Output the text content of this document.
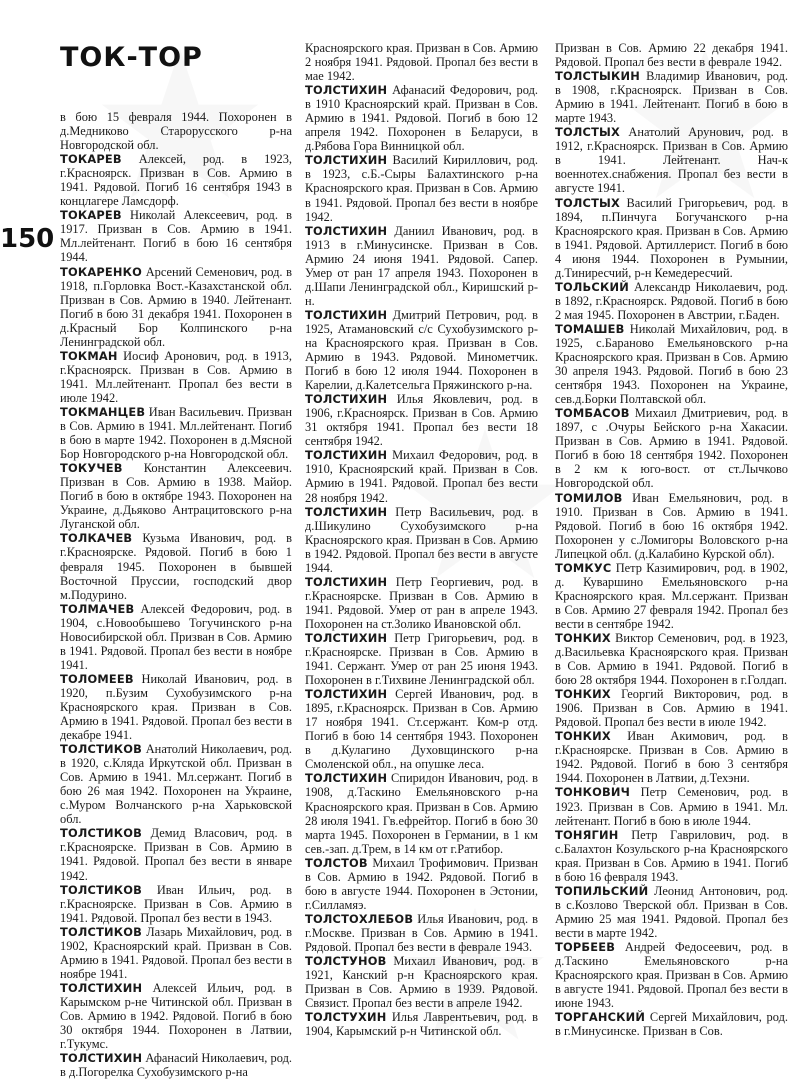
ТОК-ТОР
150

в бою 15 февраля 1944. Похоронен в д.Медниково Старорусского р-на Новгородской обл.

ТОКАРЕВ Алексей, род. в 1923, г.Красноярск. Призван в Сов. Армию в 1941. Рядовой. Погиб 16 сентября 1943 в концлагере Ламсдорф.

ТОКАРЕВ Николай Алексеевич, род. в 1917. Призван в Сов. Армию в 1941. Мл.лейтенант. Погиб в бою 16 сентября 1944.

ТОКАРЕНКО Арсений Семенович, род. в 1918, п.Горловка Вост.-Казахстанской обл. Призван в Сов. Армию в 1940. Лейтенант. Погиб в бою 31 декабря 1941. Похоронен в д.Красный Бор Колпинского р-на Ленинградской обл.

ТОКМАН Иосиф Аронович, род. в 1913, г.Красноярск. Призван в Сов. Армию в 1941. Мл.лейтенант. Пропал без вести в июле 1942.

ТОКМАНЦЕВ Иван Васильевич. Призван в Сов. Армию в 1941. Мл.лейтенант. Погиб в бою в марте 1942. Похоронен в д.Мясной Бор Новгородского р-на Новгородской обл.

ТОКУЧЕВ Константин Алексеевич. Призван в Сов. Армию в 1938. Майор. Погиб в бою в октябре 1943. Похоронен на Украине, д.Дьяково Антрацитовского р-на Луганской обл.

ТОЛКАЧЕВ Кузьма Иванович, род. в г.Красноярске. Рядовой. Погиб в бою 1 февраля 1945. Похоронен в бывшей Восточной Пруссии, господский двор м.Подурино.

ТОЛМАЧЕВ Алексей Федорович, род. в 1904, с.Новообышево Тогучинского р-на Новосибирской обл. Призван в Сов. Армию в 1941. Рядовой. Пропал без вести в ноябре 1941.

ТОЛОМЕЕВ Николай Иванович, род. в 1920, п.Бузим Сухобузимского р-на Красноярского края. Призван в Сов. Армию в 1941. Рядовой. Пропал без вести в декабре 1941.

ТОЛСТИКОВ Анатолий Николаевич, род. в 1920, с.Кляда Иркутской обл. Призван в Сов. Армию в 1941. Мл.сержант. Погиб в бою 26 мая 1942. Похоронен на Украине, с.Муром Волчанского р-на Харьковской обл.

ТОЛСТИКОВ Демид Власович, род. в г.Красноярске. Призван в Сов. Армию в 1941. Рядовой. Пропал без вести в январе 1942.

ТОЛСТИКОВ Иван Ильич, род. в г.Красноярске. Призван в Сов. Армию в 1941. Рядовой. Пропал без вести в 1943.

ТОЛСТИКОВ Лазарь Михайлович, род. в 1902, Красноярский край. Призван в Сов. Армию в 1941. Рядовой. Пропал без вести в ноябре 1941.

ТОЛСТИХИН Алексей Ильич, род. в Карымском р-не Читинской обл. Призван в Сов. Армию в 1942. Рядовой. Погиб в бою 30 октября 1944. Похоронен в Латвии, г.Тукумс.

ТОЛСТИХИН Афанасий Николаевич, род. в д.Погорелка Сухобузимского р-на

Красноярского края. Призван в Сов. Армию 2 ноября 1941. Рядовой. Пропал без вести в мае 1942.

ТОЛСТИХИН Афанасий Федорович, род. в 1910 Красноярский край. Призван в Сов. Армию в 1941. Рядовой. Погиб в бою 12 апреля 1942. Похоронен в Беларуси, в д.Рябова Гора Винницкой обл.

ТОЛСТИХИН Василий Кириллович, род. в 1923, с.Б.-Сыры Балахтинского р-на Красноярского края. Призван в Сов. Армию в 1941. Рядовой. Пропал без вести в ноябре 1942.

ТОЛСТИХИН Даниил Иванович, род. в 1913 в г.Минусинске. Призван в Сов. Армию 24 июня 1941. Рядовой. Сапер. Умер от ран 17 апреля 1943. Похоронен в д.Шапи Ленинградской обл., Киришский р-н.

ТОЛСТИХИН Дмитрий Петрович, род. в 1925, Атамановский с/с Сухобузимского р-на Красноярского края. Призван в Сов. Армию в 1943. Рядовой. Минометчик. Погиб в бою 12 июля 1944. Похоронен в Карелии, д.Калетсельга Пряжинского р-на.

ТОЛСТИХИН Илья Яковлевич, род. в 1906, г.Красноярск. Призван в Сов. Армию 31 октября 1941. Пропал без вести 18 сентября 1942.

ТОЛСТИХИН Михаил Федорович, род. в 1910, Красноярский край. Призван в Сов. Армию в 1941. Рядовой. Пропал без вести 28 ноября 1942.

ТОЛСТИХИН Петр Васильевич, род. в д.Шикулино Сухобузимского р-на Красноярского края. Призван в Сов. Армию в 1942. Рядовой. Пропал без вести в августе 1944.

ТОЛСТИХИН Петр Георгиевич, род. в г.Красноярске. Призван в Сов. Армию в 1941. Рядовой. Умер от ран в апреле 1943. Похоронен на ст.Золико Ивановской обл.

ТОЛСТИХИН Петр Григорьевич, род. в г.Красноярске. Призван в Сов. Армию в 1941. Сержант. Умер от ран 25 июня 1943. Похоронен в г.Тихвине Ленинградской обл.

ТОЛСТИХИН Сергей Иванович, род. в 1895, г.Красноярск. Призван в Сов. Армию 17 ноября 1941. Ст.сержант. Ком-р отд. Погиб в бою 14 сентября 1943. Похоронен в д.Кулагино Духовщинского р-на Смоленской обл., на опушке леса.

ТОЛСТИХИН Спиридон Иванович, род. в 1908, д.Таскино Емельяновского р-на Красноярского края. Призван в Сов. Армию 28 июля 1941. Гв.ефрейтор. Погиб в бою 30 марта 1945. Похоронен в Германии, в 1 км сев.-зап. д.Трем, в 14 км от г.Ратибор.

ТОЛСТОВ Михаил Трофимович. Призван в Сов. Армию в 1942. Рядовой. Погиб в бою в августе 1944. Похоронен в Эстонии, г.Силламяэ.

ТОЛСТОХЛЕБОВ Илья Иванович, род. в г.Москве. Призван в Сов. Армию в 1941. Рядовой. Пропал без вести в феврале 1943.

ТОЛСТУНОВ Михаил Иванович, род. в 1921, Канский р-н Красноярского края. Призван в Сов. Армию в 1939. Рядовой. Связист. Пропал без вести в апреле 1942.

ТОЛСТУХИН Илья Лаврентьевич, род. в 1904, Карымский р-н Читинской обл.

Призван в Сов. Армию 22 декабря 1941. Рядовой. Пропал без вести в феврале 1942.

ТОЛСТЫКИН Владимир Иванович, род. в 1908, г.Красноярск. Призван в Сов. Армию в 1941. Лейтенант. Погиб в бою в марте 1943.

ТОЛСТЫХ Анатолий Арунович, род. в 1912, г.Красноярск. Призван в Сов. Армию в 1941. Лейтенант. Нач-к военнотех.снабжения. Пропал без вести в августе 1941.

ТОЛСТЫХ Василий Григорьевич, род. в 1894, п.Пинчуга Богучанского р-на Красноярского края. Призван в Сов. Армию в 1941. Рядовой. Артиллерист. Погиб в бою 4 июня 1944. Похоронен в Румынии, д.Тиниресчий, р-н Кемедересчий.

ТОЛЬСКИЙ Александр Николаевич, род. в 1892, г.Красноярск. Рядовой. Погиб в бою 2 мая 1945. Похоронен в Австрии, г.Баден.

ТОМАШЕВ Николай Михайлович, род. в 1925, с.Бараново Емельяновского р-на Красноярского края. Призван в Сов. Армию 30 апреля 1943. Рядовой. Погиб в бою 23 сентября 1943. Похоронен на Украине, сев.д.Борки Полтавской обл.

ТОМБАСОВ Михаил Дмитриевич, род. в 1897, с .Очуры Бейского р-на Хакасии. Призван в Сов. Армию в 1941. Рядовой. Погиб в бою 18 сентября 1942. Похоронен в 2 км к юго-вост. от ст.Лычково Новгородской обл.

ТОМИЛОВ Иван Емельянович, род. в 1910. Призван в Сов. Армию в 1941. Рядовой. Погиб в бою 16 октября 1942. Похоронен у с.Ломигоры Воловского р-на Липецкой обл. (д.Калабино Курской обл).

ТОМКУС Петр Казимирович, род. в 1902, д. Куваршино Емельяновского р-на Красноярского края. Мл.сержант. Призван в Сов. Армию 27 февраля 1942. Пропал без вести в сентябре 1942.

ТОНКИХ Виктор Семенович, род. в 1923, д.Васильевка Красноярского края. Призван в Сов. Армию в 1941. Рядовой. Погиб в бою 28 октября 1944. Похоронен в г.Голдап.

ТОНКИХ Георгий Викторович, род. в 1906. Призван в Сов. Армию в 1941. Рядовой. Пропал без вести в июле 1942.

ТОНКИХ Иван Акимович, род. в г.Красноярске. Призван в Сов. Армию в 1942. Рядовой. Погиб в бою 3 сентября 1944. Похоронен в Латвии, д.Техэни.

ТОНКОВИЧ Петр Семенович, род. в 1923. Призван в Сов. Армию в 1941. Мл. лейтенант. Погиб в бою в июле 1944.

ТОНЯГИН Петр Гаврилович, род. в с.Балахтон Козульского р-на Красноярского края. Призван в Сов. Армию в 1941. Погиб в бою 16 февраля 1943.

ТОПИЛЬСКИЙ Леонид Антонович, род. в с.Козлово Тверской обл. Призван в Сов. Армию 25 мая 1941. Рядовой. Пропал без вести в марте 1942.

ТОРБЕЕВ Андрей Федосеевич, род. в д.Таскино Емельяновского р-на Красноярского края. Призван в Сов. Армию в августе 1941. Рядовой. Пропал без вести в июне 1943.

ТОРГАНСКИЙ Сергей Михайлович, род. в г.Минусинске. Призван в Сов.
